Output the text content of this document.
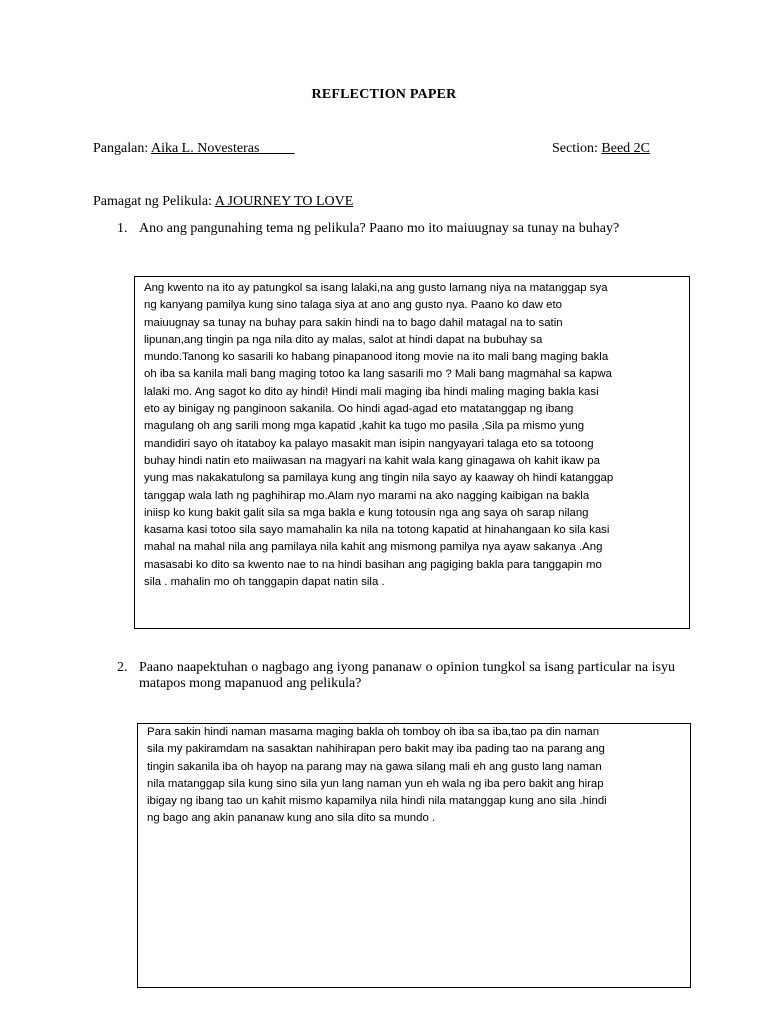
REFLECTION PAPER
Pangalan: Aika L. Novesteras	Section: Beed 2C
Pamagat ng Pelikula: A JOURNEY TO LOVE
1. Ano ang pangunahing tema ng pelikula? Paano mo ito maiuugnay sa tunay na buhay?
Ang kwento na ito ay patungkol sa isang lalaki,na ang gusto lamang niya na matanggap sya
ng kanyang pamilya kung sino talaga siya at ano ang gusto nya. Paano ko daw eto
maiuugnay sa tunay na buhay para sakin hindi na to bago dahil matagal na to satin
lipunan,ang tingin pa nga nila dito ay malas, salot at hindi dapat na bubuhay sa
mundo.Tanong ko sasarili ko habang pinapanood itong movie na ito mali bang maging bakla
oh iba sa kanila mali bang maging totoo ka lang sasarili mo ? Mali bang magmahal sa kapwa
lalaki mo. Ang sagot ko dito ay hindi! Hindi mali maging iba hindi maling maging bakla kasi
eto ay binigay ng panginoon sakanila. Oo hindi agad-agad eto matatanggap ng ibang
magulang oh ang sarili mong mga kapatid ,kahit ka tugo mo pasila ,Sila pa mismo yung
mandidiri sayo oh itataboy ka palayo masakit man isipin nangyayari talaga eto sa totoong
buhay hindi natin eto maiiwasan na magyari na kahit wala kang ginagawa oh kahit ikaw pa
yung mas nakakatulong sa pamilaya kung ang tingin nila sayo ay kaaway oh hindi katanggap
tanggap wala lath ng paghihirap mo.Alam nyo marami na ako nagging kaibigan na bakla
iniisp ko kung bakit galit sila sa mga bakla e kung totousin nga ang saya oh sarap nilang
kasama kasi totoo sila sayo mamahalin ka nila na totong kapatid at hinahangaan ko sila kasi
mahal na mahal nila ang pamilaya nila kahit ang mismong pamilya nya ayaw sakanya .Ang
masasabi ko dito sa kwento nae to na hindi basihan ang pagiging bakla para tanggapin mo
sila . mahalin mo oh tanggapin dapat natin sila .
2. Paano naapektuhan o nagbago ang iyong pananaw o opinion tungkol sa isang particular na isyu matapos mong mapanuod ang pelikula?
Para sakin hindi naman masama maging bakla oh tomboy oh iba sa iba,tao pa din naman
sila my pakiramdam na sasaktan nahihirapan pero bakit may iba pading tao na parang ang
tingin sakanila iba oh hayop na parang may na gawa silang mali eh ang gusto lang naman
nila matanggap sila kung sino sila yun lang naman yun eh wala ng iba pero bakit ang hirap
ibigay ng ibang tao un kahit mismo kapamilya nila hindi nila matanggap kung ano sila .hindi
ng bago ang akin pananaw kung ano sila dito sa mundo .
